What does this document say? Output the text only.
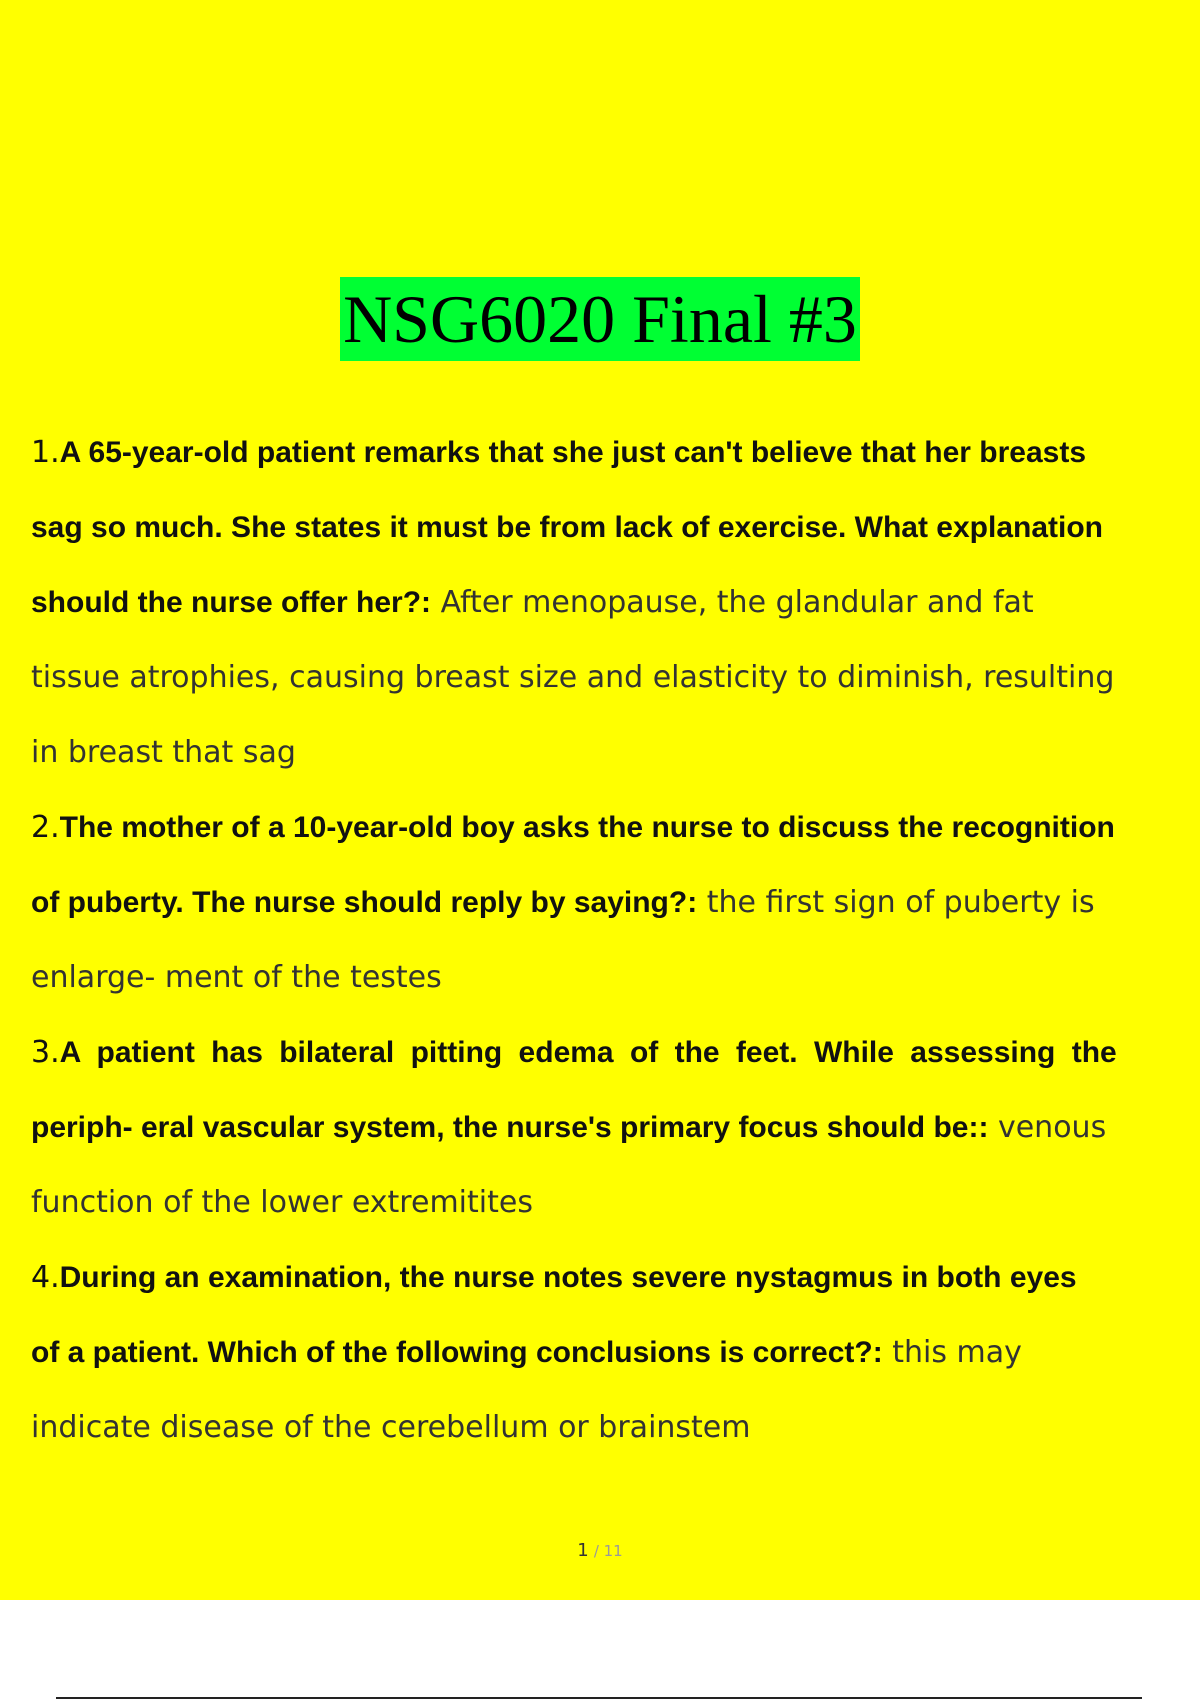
NSG6020 Final #3
1. A 65-year-old patient remarks that she just can't believe that her breasts
sag so much. She states it must be from lack of exercise. What explanation
should the nurse offer her?: After menopause, the glandular and fat
tissue atrophies, causing breast size and elasticity to diminish, resulting
in breast that sag
2. The mother of a 10-year-old boy asks the nurse to discuss the recognition
of puberty. The nurse should reply by saying?: the first sign of puberty is
enlarge- ment of the testes
3. A patient has bilateral pitting edema of the feet. While assessing the
periph- eral vascular system, the nurse's primary focus should be:: venous
function of the lower extremitites
4. During an examination, the nurse notes severe nystagmus in both eyes
of a patient. Which of the following conclusions is correct?: this may
indicate disease of the cerebellum or brainstem
1 / 11
